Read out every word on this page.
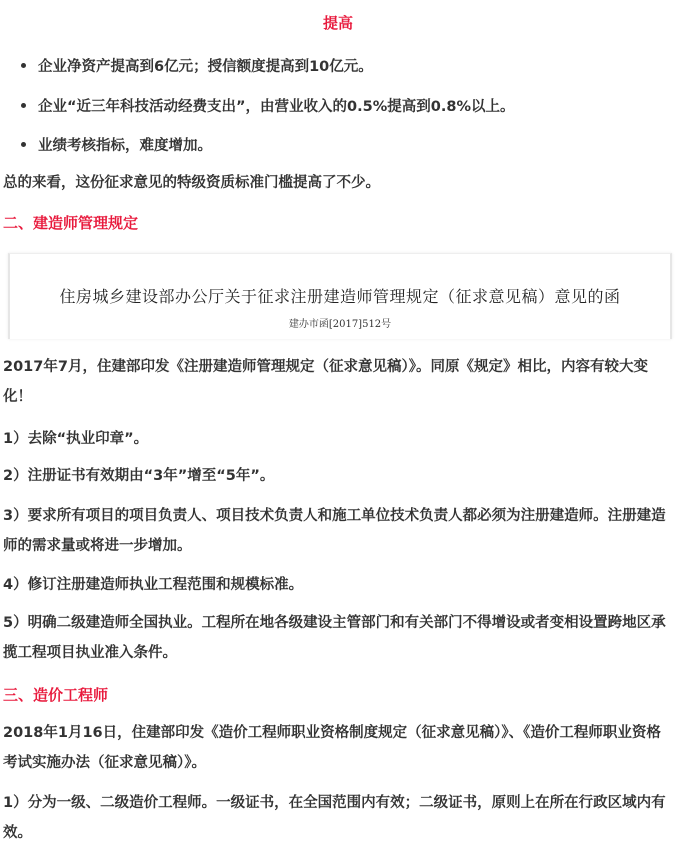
提高
企业净资产提高到6亿元；授信额度提高到10亿元。
企业“近三年科技活动经费支出”，由营业收入的0.5%提高到0.8%以上。
业绩考核指标，难度增加。
总的来看，这份征求意见的特级资质标准门槛提高了不少。
二、建造师管理规定
住房城乡建设部办公厅关于征求注册建造师管理规定（征求意见稿）意见的函
建办市函[2017]512号
2017年7月，住建部印发《注册建造师管理规定（征求意见稿）》。同原《规定》相比，内容有较大变化！
1）去除“执业印章”。
2）注册证书有效期由“3年”增至“5年”。
3）要求所有项目的项目负责人、项目技术负责人和施工单位技术负责人都必须为注册建造师。注册建造师的需求量或将进一步增加。
4）修订注册建造师执业工程范围和规模标准。
5）明确二级建造师全国执业。工程所在地各级建设主管部门和有关部门不得增设或者变相设置跨地区承揽工程项目执业准入条件。
三、造价工程师
2018年1月16日，住建部印发《造价工程师职业资格制度规定（征求意见稿）》、《造价工程师职业资格考试实施办法（征求意见稿）》。
1）分为一级、二级造价工程师。一级证书，在全国范围内有效；二级证书，原则上在所在行政区域内有效。
